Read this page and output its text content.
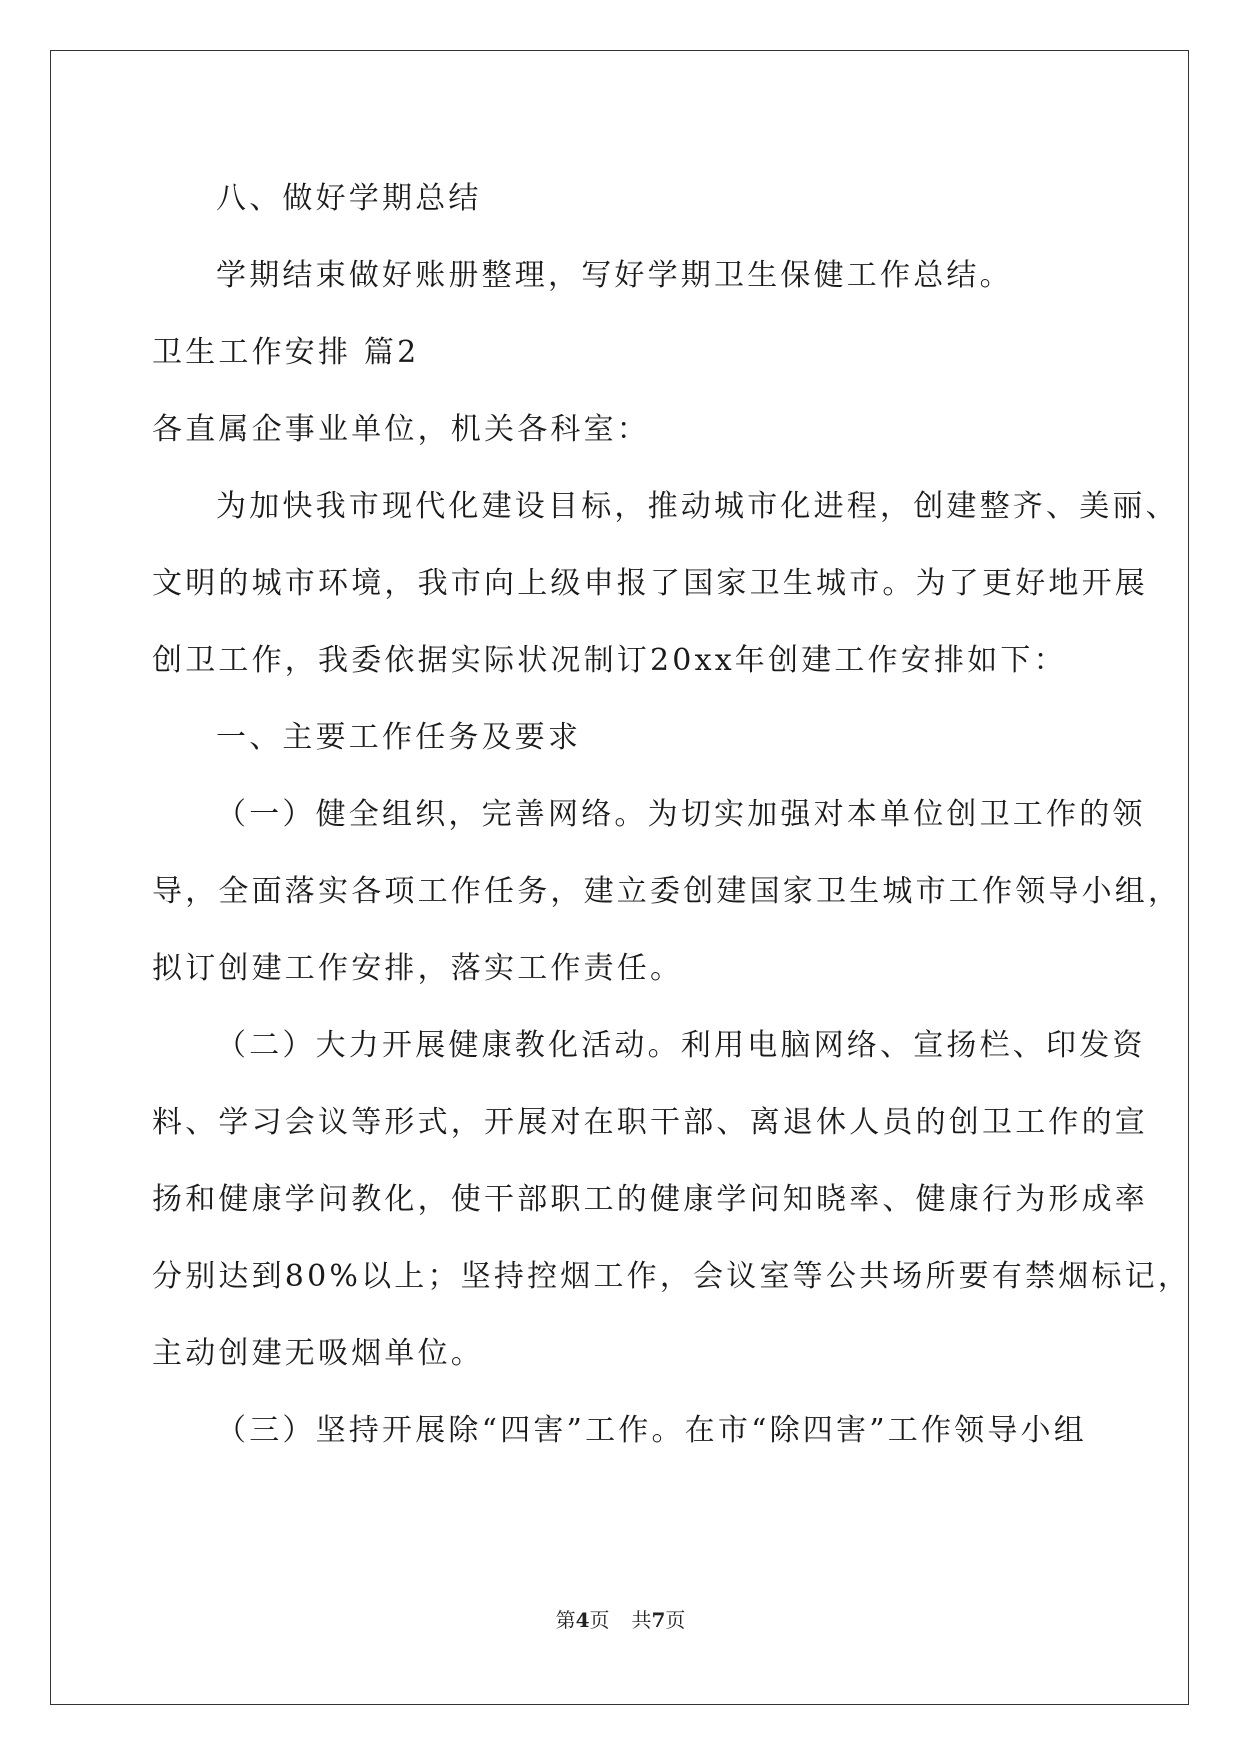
八、做好学期总结

学期结束做好账册整理，写好学期卫生保健工作总结。

卫生工作安排 篇2

各直属企事业单位，机关各科室：

为加快我市现代化建设目标，推动城市化进程，创建整齐、美丽、

文明的城市环境，我市向上级申报了国家卫生城市。为了更好地开展

创卫工作，我委依据实际状况制订20xx年创建工作安排如下：

一、主要工作任务及要求

（一）健全组织，完善网络。为切实加强对本单位创卫工作的领

导，全面落实各项工作任务，建立委创建国家卫生城市工作领导小组，

拟订创建工作安排，落实工作责任。

（二）大力开展健康教化活动。利用电脑网络、宣扬栏、印发资

料、学习会议等形式，开展对在职干部、离退休人员的创卫工作的宣

扬和健康学问教化，使干部职工的健康学问知晓率、健康行为形成率

分别达到80%以上；坚持控烟工作，会议室等公共场所要有禁烟标记，

主动创建无吸烟单位。

（三）坚持开展除“四害”工作。在市“除四害”工作领导小组

第4页 共7页
